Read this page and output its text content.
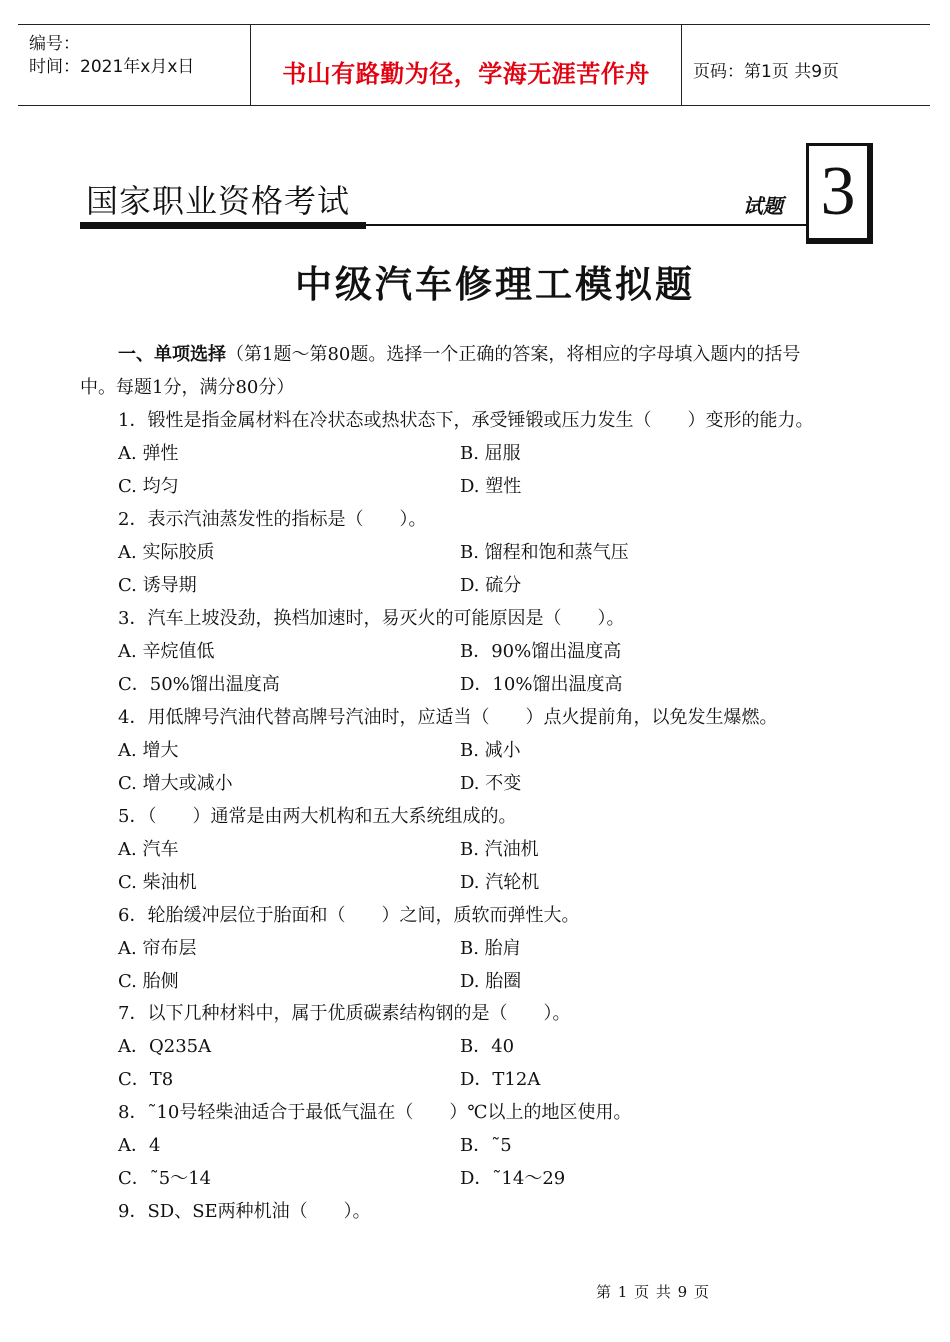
编号：
时间：2021年x月x日	书山有路勤为径，学海无涯苦作舟	页码：第1页 共9页
国家职业资格考试	试题 3
中级汽车修理工模拟题
一、单项选择（第1题～第80题。选择一个正确的答案，将相应的字母填入题内的括号
中。每题1分，满分80分）
1．锻性是指金属材料在冷状态或热状态下，承受锤锻或压力发生（　　）变形的能力。
A. 弹性	B. 屈服
C. 均匀	D. 塑性
2．表示汽油蒸发性的指标是（　　）。
A. 实际胶质	B. 馏程和饱和蒸气压
C. 诱导期	D. 硫分
3．汽车上坡没劲，换档加速时，易灭火的可能原因是（　　）。
A. 辛烷值低	B．90%馏出温度高
C．50%馏出温度高	D．10%馏出温度高
4．用低牌号汽油代替高牌号汽油时，应适当（　　）点火提前角，以免发生爆燃。
A. 增大	B. 减小
C. 增大或减小	D. 不变
5．（　　）通常是由两大机构和五大系统组成的。
A. 汽车	B. 汽油机
C. 柴油机	D. 汽轮机
6．轮胎缓冲层位于胎面和（　　）之间，质软而弹性大。
A. 帘布层	B. 胎肩
C. 胎侧	D. 胎圈
7．以下几种材料中，属于优质碳素结构钢的是（　　）。
A．Q235A	B．40
C．T8	D．T12A
8．˜10号轻柴油适合于最低气温在（　　）℃以上的地区使用。
A．4	B．˜5
C．˜5～14	D．˜14～29
9．SD、SE两种机油（　　）。
第 1 页 共 9 页
